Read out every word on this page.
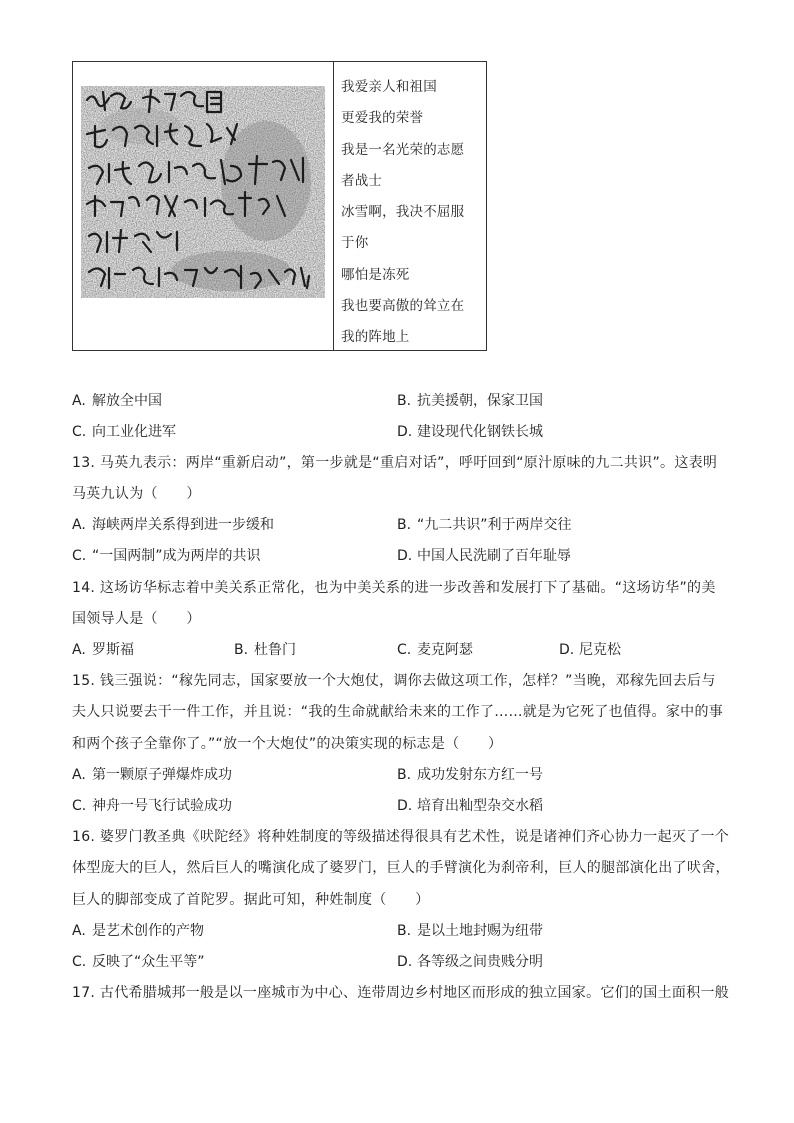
我爱亲人和祖国
更爱我的荣誉
我是一名光荣的志愿
者战士
冰雪啊，我决不屈服
于你
哪怕是冻死
我也要高傲的耸立在
我的阵地上
A. 解放全中国	B. 抗美援朝，保家卫国
C. 向工业化进军	D. 建设现代化钢铁长城
13. 马英九表示：两岸“重新启动”，第一步就是“重启对话”，呼吁回到“原汁原味的九二共识”。这表明
马英九认为（　　）
A. 海峡两岸关系得到进一步缓和	B. “九二共识”利于两岸交往
C. “一国两制”成为两岸的共识	D. 中国人民洗刷了百年耻辱
14. 这场访华标志着中美关系正常化，也为中美关系的进一步改善和发展打下了基础。“这场访华”的美
国领导人是（　　）
A. 罗斯福	B. 杜鲁门	C. 麦克阿瑟	D. 尼克松
15. 钱三强说：“稼先同志，国家要放一个大炮仗，调你去做这项工作，怎样？”当晚，邓稼先回去后与
夫人只说要去干一件工作，并且说：“我的生命就献给未来的工作了……就是为它死了也值得。家中的事
和两个孩子全靠你了。”“放一个大炮仗”的决策实现的标志是（　　）
A. 第一颗原子弹爆炸成功	B. 成功发射东方红一号
C. 神舟一号飞行试验成功	D. 培育出籼型杂交水稻
16. 婆罗门教圣典《吠陀经》将种姓制度的等级描述得很具有艺术性，说是诸神们齐心协力一起灭了一个
体型庞大的巨人，然后巨人的嘴演化成了婆罗门，巨人的手臂演化为刹帝利，巨人的腿部演化出了吠舍，
巨人的脚部变成了首陀罗。据此可知，种姓制度（　　）
A. 是艺术创作的产物	B. 是以土地封赐为纽带
C. 反映了“众生平等”	D. 各等级之间贵贱分明
17. 古代希腊城邦一般是以一座城市为中心、连带周边乡村地区而形成的独立国家。它们的国土面积一般
